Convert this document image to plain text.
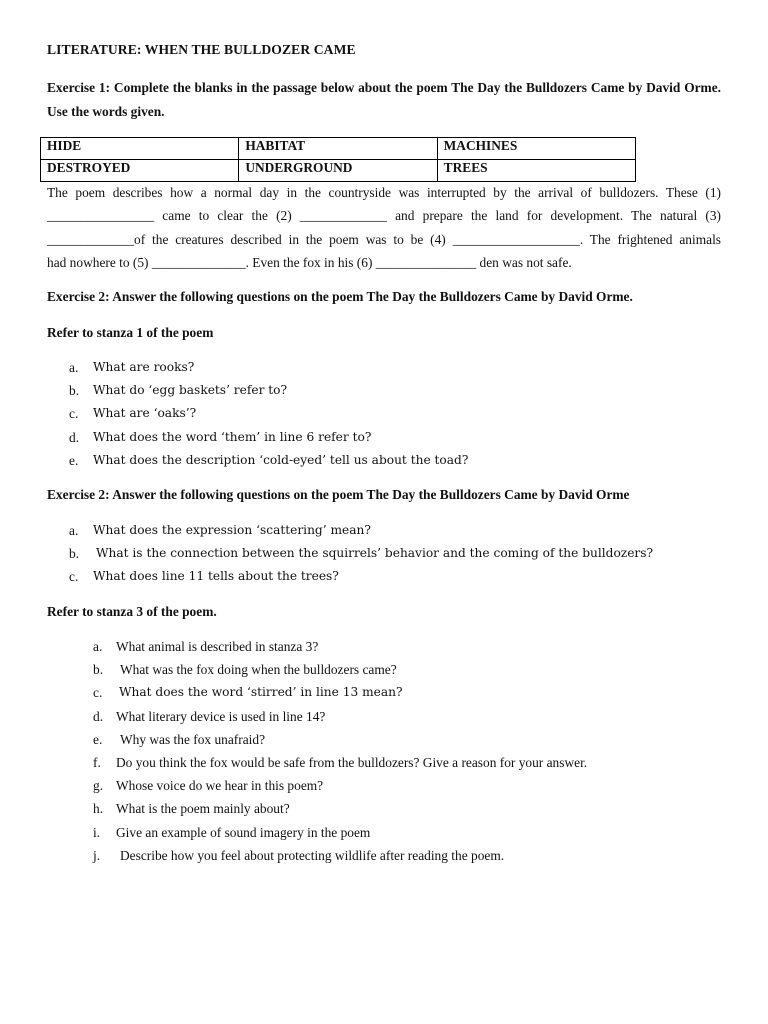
LITERATURE: WHEN THE BULLDOZER CAME
Exercise 1: Complete the blanks in the passage below about the poem The Day the Bulldozers Came by David Orme. Use the words given.
HIDE	HABITAT	MACHINES
DESTROYED	UNDERGROUND	TREES
The poem describes how a normal day in the countryside was interrupted by the arrival of bulldozers. These (1)
________________ came to clear the (2) _____________ and prepare the land for development. The natural (3)
_____________of the creatures described in the poem was to be (4) ___________________. The frightened animals
had nowhere to (5) ______________. Even the fox in his (6) _______________ den was not safe.
Exercise 2: Answer the following questions on the poem The Day the Bulldozers Came by David Orme.
Refer to stanza 1 of the poem
a. What are rooks?
b. What do ‘egg baskets’ refer to?
c. What are ‘oaks’?
d. What does the word ‘them’ in line 6 refer to?
e. What does the description ‘cold-eyed’ tell us about the toad?
Exercise 2: Answer the following questions on the poem The Day the Bulldozers Came by David Orme
a. What does the expression ‘scattering’ mean?
b. What is the connection between the squirrels’ behavior and the coming of the bulldozers?
c. What does line 11 tells about the trees?
Refer to stanza 3 of the poem.
a. What animal is described in stanza 3?
b. What was the fox doing when the bulldozers came?
c. What does the word ‘stirred’ in line 13 mean?
d. What literary device is used in line 14?
e. Why was the fox unafraid?
f. Do you think the fox would be safe from the bulldozers? Give a reason for your answer.
g. Whose voice do we hear in this poem?
h. What is the poem mainly about?
i. Give an example of sound imagery in the poem
j. Describe how you feel about protecting wildlife after reading the poem.
